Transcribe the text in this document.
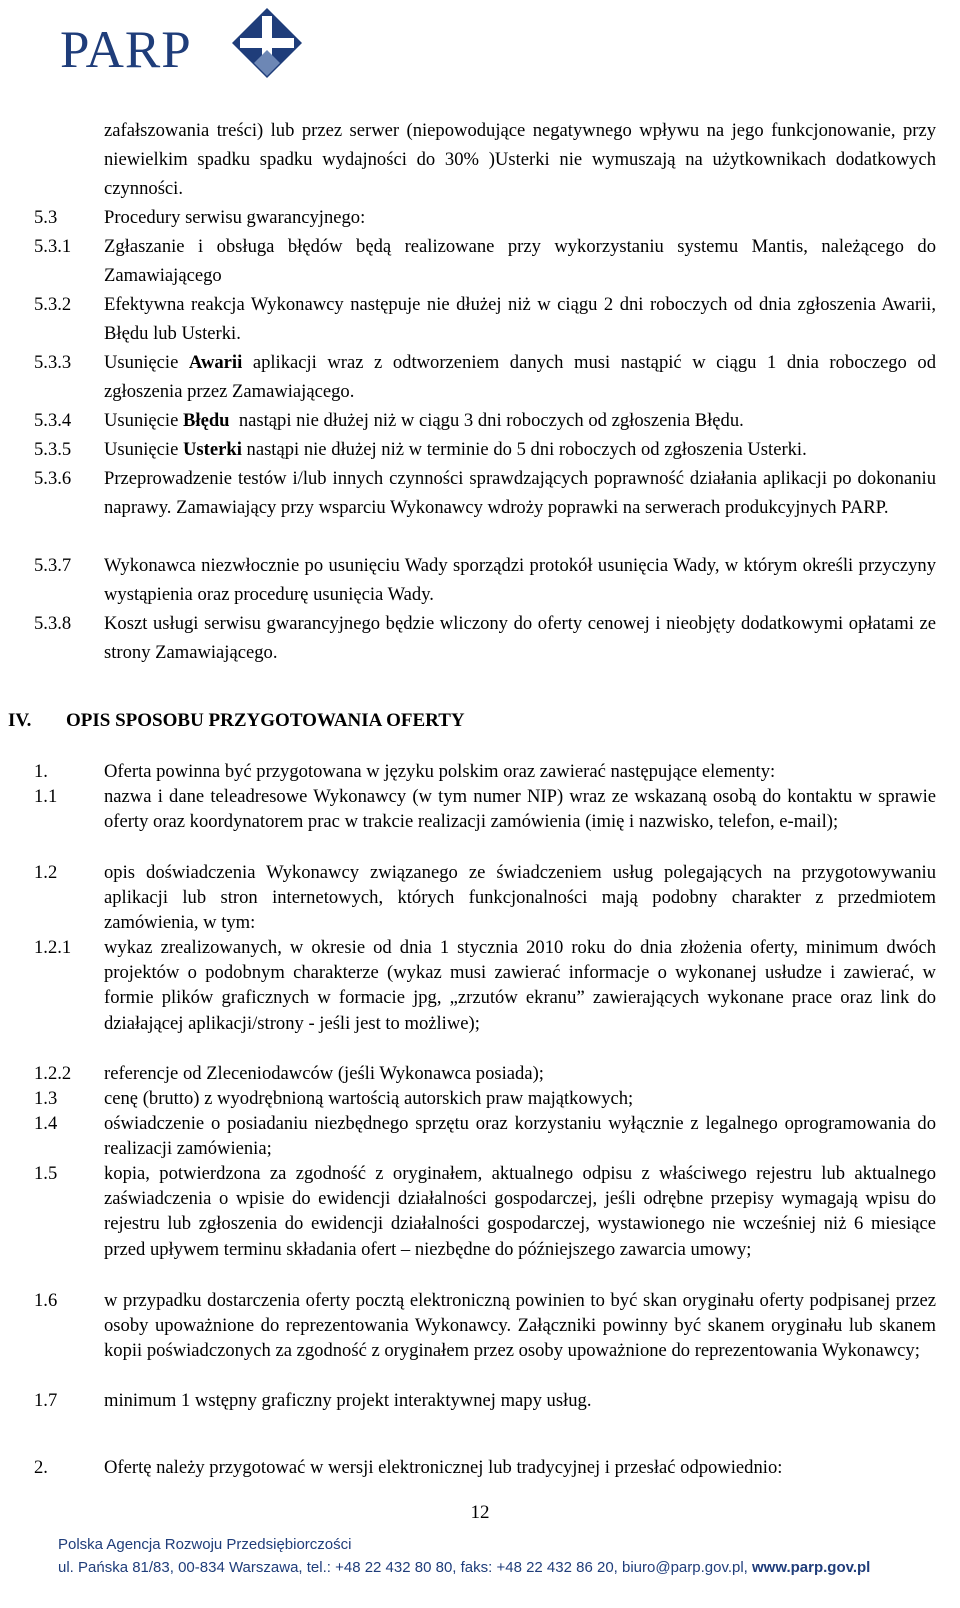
PARP
zafałszowania treści) lub przez serwer (niepowodujące negatywnego wpływu na jego funkcjonowanie, przy niewielkim spadku spadku wydajności do 30% )Usterki nie wymuszają na użytkownikach dodatkowych czynności.
5.3	Procedury serwisu gwarancyjnego:
5.3.1 Zgłaszanie i obsługa błędów będą realizowane przy wykorzystaniu systemu Mantis, należącego do Zamawiającego
5.3.2 Efektywna reakcja Wykonawcy następuje nie dłużej niż w ciągu 2 dni roboczych od dnia zgłoszenia Awarii, Błędu lub Usterki.
5.3.3 Usunięcie Awarii aplikacji wraz z odtworzeniem danych musi nastąpić w ciągu 1 dnia roboczego od zgłoszenia przez Zamawiającego.
5.3.4 Usunięcie Błędu  nastąpi nie dłużej niż w ciągu 3 dni roboczych od zgłoszenia Błędu.
5.3.5 Usunięcie Usterki nastąpi nie dłużej niż w terminie do 5 dni roboczych od zgłoszenia Usterki.
5.3.6 Przeprowadzenie testów i/lub innych czynności sprawdzających poprawność działania aplikacji po dokonaniu naprawy. Zamawiający przy wsparciu Wykonawcy wdroży poprawki na serwerach produkcyjnych PARP.
5.3.7 Wykonawca niezwłocznie po usunięciu Wady sporządzi protokół usunięcia Wady, w którym określi przyczyny wystąpienia oraz procedurę usunięcia Wady.
5.3.8 Koszt usługi serwisu gwarancyjnego będzie wliczony do oferty cenowej i nieobjęty dodatkowymi opłatami ze strony Zamawiającego.
IV. OPIS SPOSOBU PRZYGOTOWANIA OFERTY
1.	Oferta powinna być przygotowana w języku polskim oraz zawierać następujące elementy:
1.1	nazwa i dane teleadresowe Wykonawcy (w tym numer NIP) wraz ze wskazaną osobą do kontaktu w sprawie oferty oraz koordynatorem prac w trakcie realizacji zamówienia (imię i nazwisko, telefon, e-mail);
1.2	opis doświadczenia Wykonawcy związanego ze świadczeniem usług polegających na przygotowywaniu aplikacji lub stron internetowych, których funkcjonalności mają podobny charakter z przedmiotem zamówienia, w tym:
1.2.1 wykaz zrealizowanych, w okresie od dnia 1 stycznia 2010 roku do dnia złożenia oferty, minimum dwóch projektów o podobnym charakterze (wykaz musi zawierać informacje o wykonanej usłudze i zawierać, w formie plików graficznych w formacie jpg, „zrzutów ekranu” zawierających wykonane prace oraz link do działającej aplikacji/strony - jeśli jest to możliwe);
1.2.2 referencje od Zleceniodawców (jeśli Wykonawca posiada);
1.3	cenę (brutto) z wyodrębnioną wartością autorskich praw majątkowych;
1.4	oświadczenie o posiadaniu niezbędnego sprzętu oraz korzystaniu wyłącznie z legalnego oprogramowania do realizacji zamówienia;
1.5	kopia, potwierdzona za zgodność z oryginałem, aktualnego odpisu z właściwego rejestru lub aktualnego zaświadczenia o wpisie do ewidencji działalności gospodarczej, jeśli odrębne przepisy wymagają wpisu do rejestru lub zgłoszenia do ewidencji działalności gospodarczej, wystawionego nie wcześniej niż 6 miesiące przed upływem terminu składania ofert – niezbędne do późniejszego zawarcia umowy;
1.6	w przypadku dostarczenia oferty pocztą elektroniczną powinien to być skan oryginału oferty podpisanej przez osoby upoważnione do reprezentowania Wykonawcy. Załączniki powinny być skanem oryginału lub skanem kopii poświadczonych za zgodność z oryginałem przez osoby upoważnione do reprezentowania Wykonawcy;
1.7	minimum 1 wstępny graficzny projekt interaktywnej mapy usług.
2.	Ofertę należy przygotować w wersji elektronicznej lub tradycyjnej i przesłać odpowiednio:
12
Polska Agencja Rozwoju Przedsiębiorczości
ul. Pańska 81/83, 00-834 Warszawa, tel.: +48 22 432 80 80, faks: +48 22 432 86 20, biuro@parp.gov.pl, www.parp.gov.pl
